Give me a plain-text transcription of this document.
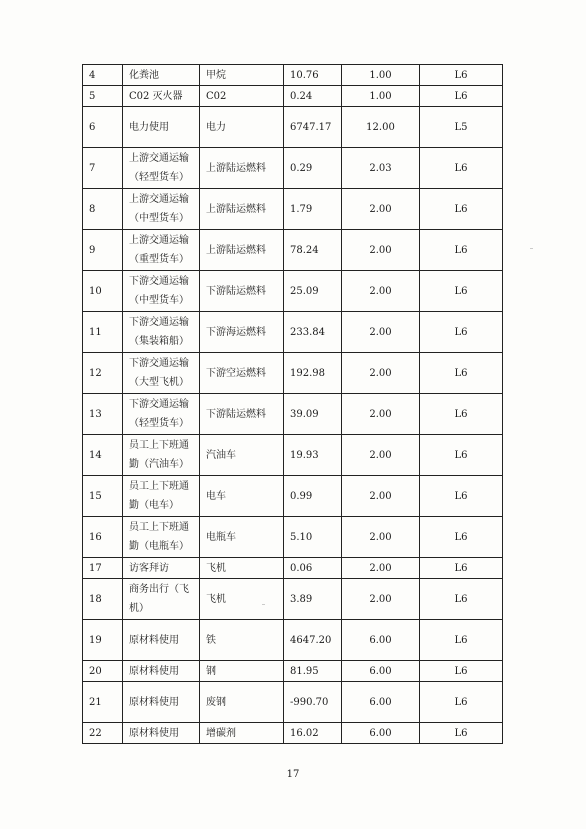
4	化粪池	甲烷	10.76	1.00	L6
5	C02 灭火器	C02	0.24	1.00	L6
6	电力使用	电力	6747.17	12.00	L5
7	上游交通运输（轻型货车）	上游陆运燃料	0.29	2.03	L6
8	上游交通运输（中型货车）	上游陆运燃料	1.79	2.00	L6
9	上游交通运输（重型货车）	上游陆运燃料	78.24	2.00	L6
10	下游交通运输（中型货车）	下游陆运燃料	25.09	2.00	L6
11	下游交通运输（集装箱船）	下游海运燃料	233.84	2.00	L6
12	下游交通运输（大型飞机）	下游空运燃料	192.98	2.00	L6
13	下游交通运输（轻型货车）	下游陆运燃料	39.09	2.00	L6
14	员工上下班通勤（汽油车）	汽油车	19.93	2.00	L6
15	员工上下班通勤（电车）	电车	0.99	2.00	L6
16	员工上下班通勤（电瓶车）	电瓶车	5.10	2.00	L6
17	访客拜访	飞机	0.06	2.00	L6
18	商务出行（飞机）	飞机	3.89	2.00	L6
19	原材料使用	铁	4647.20	6.00	L6
20	原材料使用	钢	81.95	6.00	L6
21	原材料使用	废钢	-990.70	6.00	L6
22	原材料使用	增碳剂	16.02	6.00	L6
17
